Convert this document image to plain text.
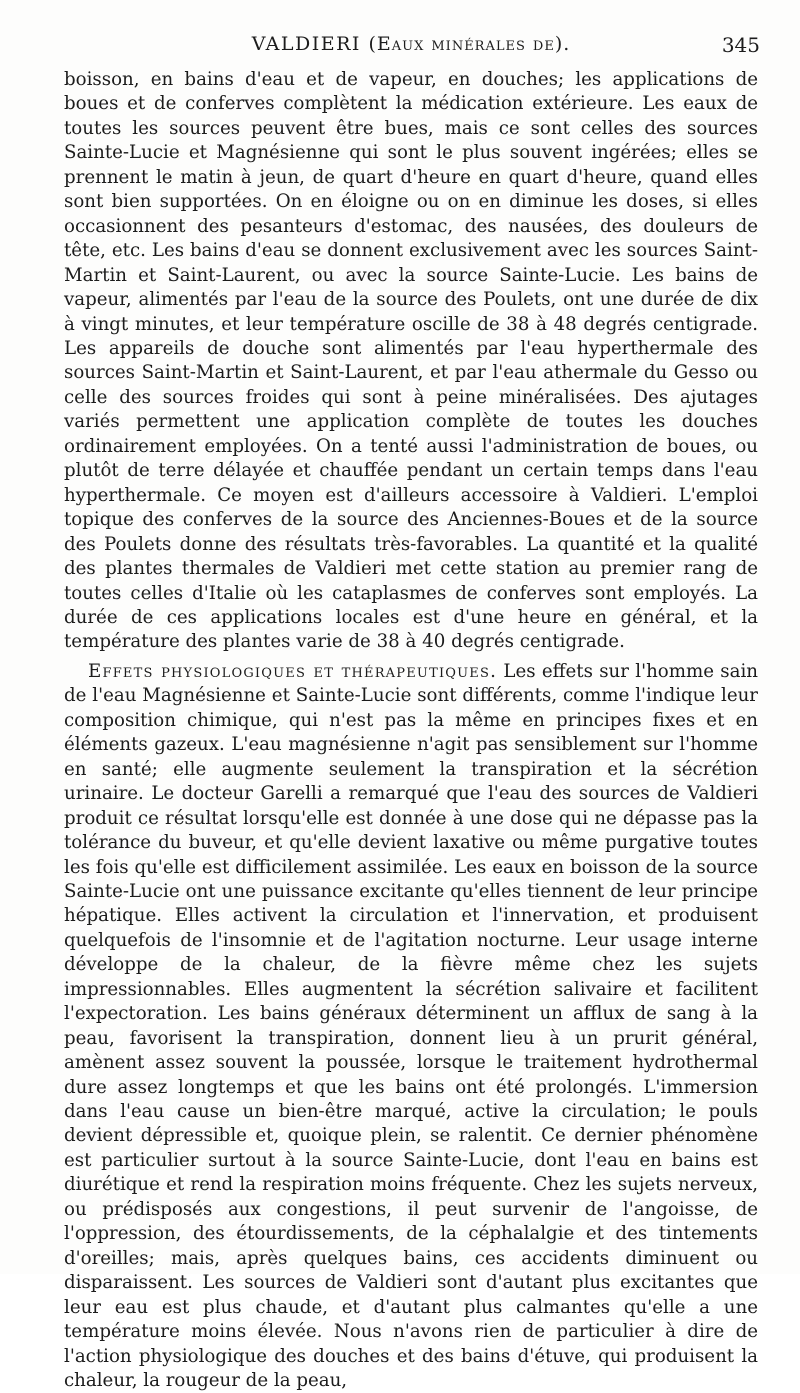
VALDIERI (Eaux minérales de).	345

boisson, en bains d'eau et de vapeur, en douches; les applications de boues et de conferves complètent la médication extérieure. Les eaux de toutes les sources peuvent être bues, mais ce sont celles des sources Sainte-Lucie et Magnésienne qui sont le plus souvent ingérées; elles se prennent le matin à jeun, de quart d'heure en quart d'heure, quand elles sont bien supportées. On en éloigne ou on en diminue les doses, si elles occasionnent des pesanteurs d'estomac, des nausées, des douleurs de tête, etc. Les bains d'eau se donnent exclusivement avec les sources Saint-Martin et Saint-Laurent, ou avec la source Sainte-Lucie. Les bains de vapeur, alimentés par l'eau de la source des Poulets, ont une durée de dix à vingt minutes, et leur température oscille de 38 à 48 degrés centigrade. Les appareils de douche sont alimentés par l'eau hyperthermale des sources Saint-Martin et Saint-Laurent, et par l'eau athermale du Gesso ou celle des sources froides qui sont à peine minéralisées. Des ajutages variés permettent une application complète de toutes les douches ordinairement employées. On a tenté aussi l'administration de boues, ou plutôt de terre délayée et chauffée pendant un certain temps dans l'eau hyperthermale. Ce moyen est d'ailleurs accessoire à Valdieri. L'emploi topique des conferves de la source des Anciennes-Boues et de la source des Poulets donne des résultats très-favorables. La quantité et la qualité des plantes thermales de Valdieri met cette station au premier rang de toutes celles d'Italie où les cataplasmes de conferves sont employés. La durée de ces applications locales est d'une heure en général, et la température des plantes varie de 38 à 40 degrés centigrade.

Effets physiologiques et thérapeutiques. Les effets sur l'homme sain de l'eau Magnésienne et Sainte-Lucie sont différents, comme l'indique leur composition chimique, qui n'est pas la même en principes fixes et en éléments gazeux. L'eau magnésienne n'agit pas sensiblement sur l'homme en santé; elle augmente seulement la transpiration et la sécrétion urinaire. Le docteur Garelli a remarqué que l'eau des sources de Valdieri produit ce résultat lorsqu'elle est donnée à une dose qui ne dépasse pas la tolérance du buveur, et qu'elle devient laxative ou même purgative toutes les fois qu'elle est difficilement assimilée. Les eaux en boisson de la source Sainte-Lucie ont une puissance excitante qu'elles tiennent de leur principe hépatique. Elles activent la circulation et l'innervation, et produisent quelquefois de l'insomnie et de l'agitation nocturne. Leur usage interne développe de la chaleur, de la fièvre même chez les sujets impressionnables. Elles augmentent la sécrétion salivaire et facilitent l'expectoration. Les bains généraux déterminent un afflux de sang à la peau, favorisent la transpiration, donnent lieu à un prurit général, amènent assez souvent la poussée, lorsque le traitement hydrothermal dure assez longtemps et que les bains ont été prolongés. L'immersion dans l'eau cause un bien-être marqué, active la circulation; le pouls devient dépressible et, quoique plein, se ralentit. Ce dernier phénomène est particulier surtout à la source Sainte-Lucie, dont l'eau en bains est diurétique et rend la respiration moins fréquente. Chez les sujets nerveux, ou prédisposés aux congestions, il peut survenir de l'angoisse, de l'oppression, des étourdissements, de la céphalalgie et des tintements d'oreilles; mais, après quelques bains, ces accidents diminuent ou disparaissent. Les sources de Valdieri sont d'autant plus excitantes que leur eau est plus chaude, et d'autant plus calmantes qu'elle a une température moins élevée. Nous n'avons rien de particulier à dire de l'action physiologique des douches et des bains d'étuve, qui produisent la chaleur, la rougeur de la peau,
